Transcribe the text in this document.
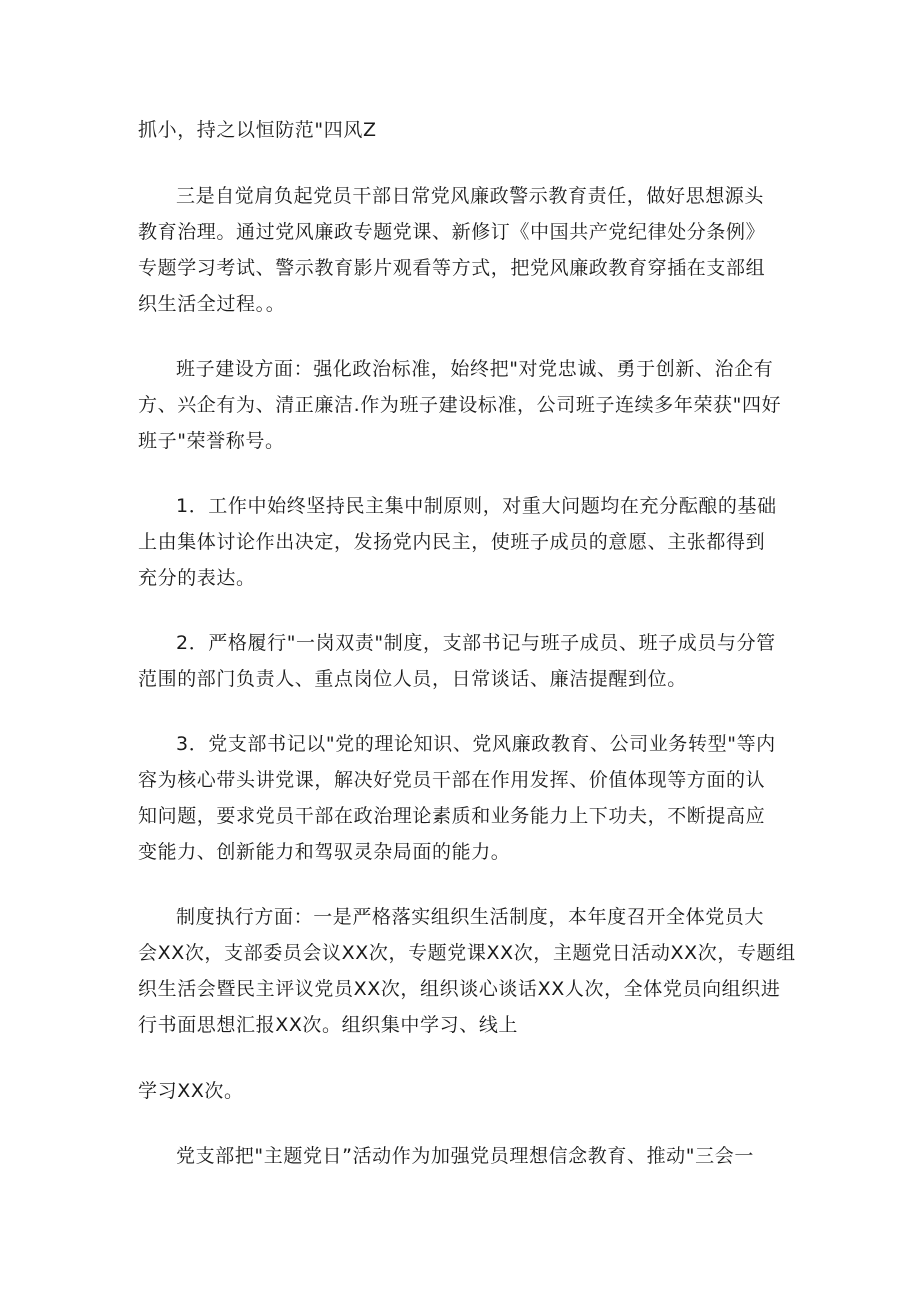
抓小，持之以恒防范"四风Z
三是自觉肩负起党员干部日常党风廉政警示教育责任，做好思想源头
教育治理。通过党风廉政专题党课、新修订《中国共产党纪律处分条例》
专题学习考试、警示教育影片观看等方式，把党风廉政教育穿插在支部组
织生活全过程。。
班子建设方面：强化政治标准，始终把"对党忠诚、勇于创新、治企有
方、兴企有为、清正廉洁.作为班子建设标准，公司班子连续多年荣获"四好
班子"荣誉称号。
1．工作中始终坚持民主集中制原则，对重大问题均在充分酝酿的基础
上由集体讨论作出决定，发扬党内民主，使班子成员的意愿、主张都得到
充分的表达。
2．严格履行"一岗双责"制度，支部书记与班子成员、班子成员与分管
范围的部门负责人、重点岗位人员，日常谈话、廉洁提醒到位。
3．党支部书记以"党的理论知识、党风廉政教育、公司业务转型"等内
容为核心带头讲党课，解决好党员干部在作用发挥、价值体现等方面的认
知问题，要求党员干部在政治理论素质和业务能力上下功夫，不断提高应
变能力、创新能力和驾驭灵杂局面的能力。
制度执行方面：一是严格落实组织生活制度，本年度召开全体党员大
会XX次，支部委员会议XX次，专题党课XX次，主题党日活动XX次，专题组
织生活会暨民主评议党员XX次，组织谈心谈话XX人次，全体党员向组织进
行书面思想汇报XX次。组织集中学习、线上
学习XX次。
党支部把"主题党日”活动作为加强党员理想信念教育、推动"三会一
